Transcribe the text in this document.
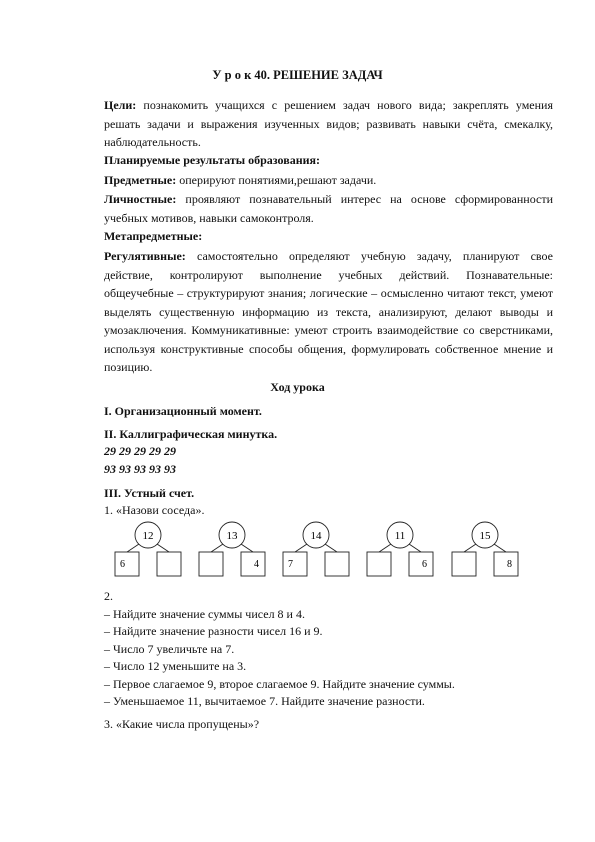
У р о к 40. РЕШЕНИЕ ЗАДАЧ

Цели: познакомить учащихся с решением задач нового вида; закреплять умения решать задачи и выражения изученных видов; развивать навыки счёта, смекалку, наблюдательность.

Планируемые результаты образования:

Предметные: оперируют понятиями,решают задачи.

Личностные: проявляют познавательный интерес на основе сформированности учебных мотивов, навыки самоконтроля.

Метапредметные:

Регулятивные: самостоятельно определяют учебную задачу, планируют свое действие, контролируют выполнение учебных действий. Познавательные: общеучебные – структурируют знания; логические – осмысленно читают текст, умеют выделять существенную информацию из текста, анализируют, делают выводы и умозаключения. Коммуникативные: умеют строить взаимодействие со сверстниками, используя конструктивные способы общения, формулировать собственное мнение и позицию.

Ход урока
I. Организационный момент.
II. Каллиграфическая минутка.
29 29 29 29 29
93 93 93 93 93
III. Устный счет.
1. «Назови соседа».
12
6
13
4
14
7
11
6
15
8
2.
– Найдите значение суммы чисел 8 и 4.
– Найдите значение разности чисел 16 и 9.
– Число 7 увеличьте на 7.
– Число 12 уменьшите на 3.
– Первое слагаемое 9, второе слагаемое 9. Найдите значение суммы.
– Уменьшаемое 11, вычитаемое 7. Найдите значение разности.
3. «Какие числа пропущены»?
